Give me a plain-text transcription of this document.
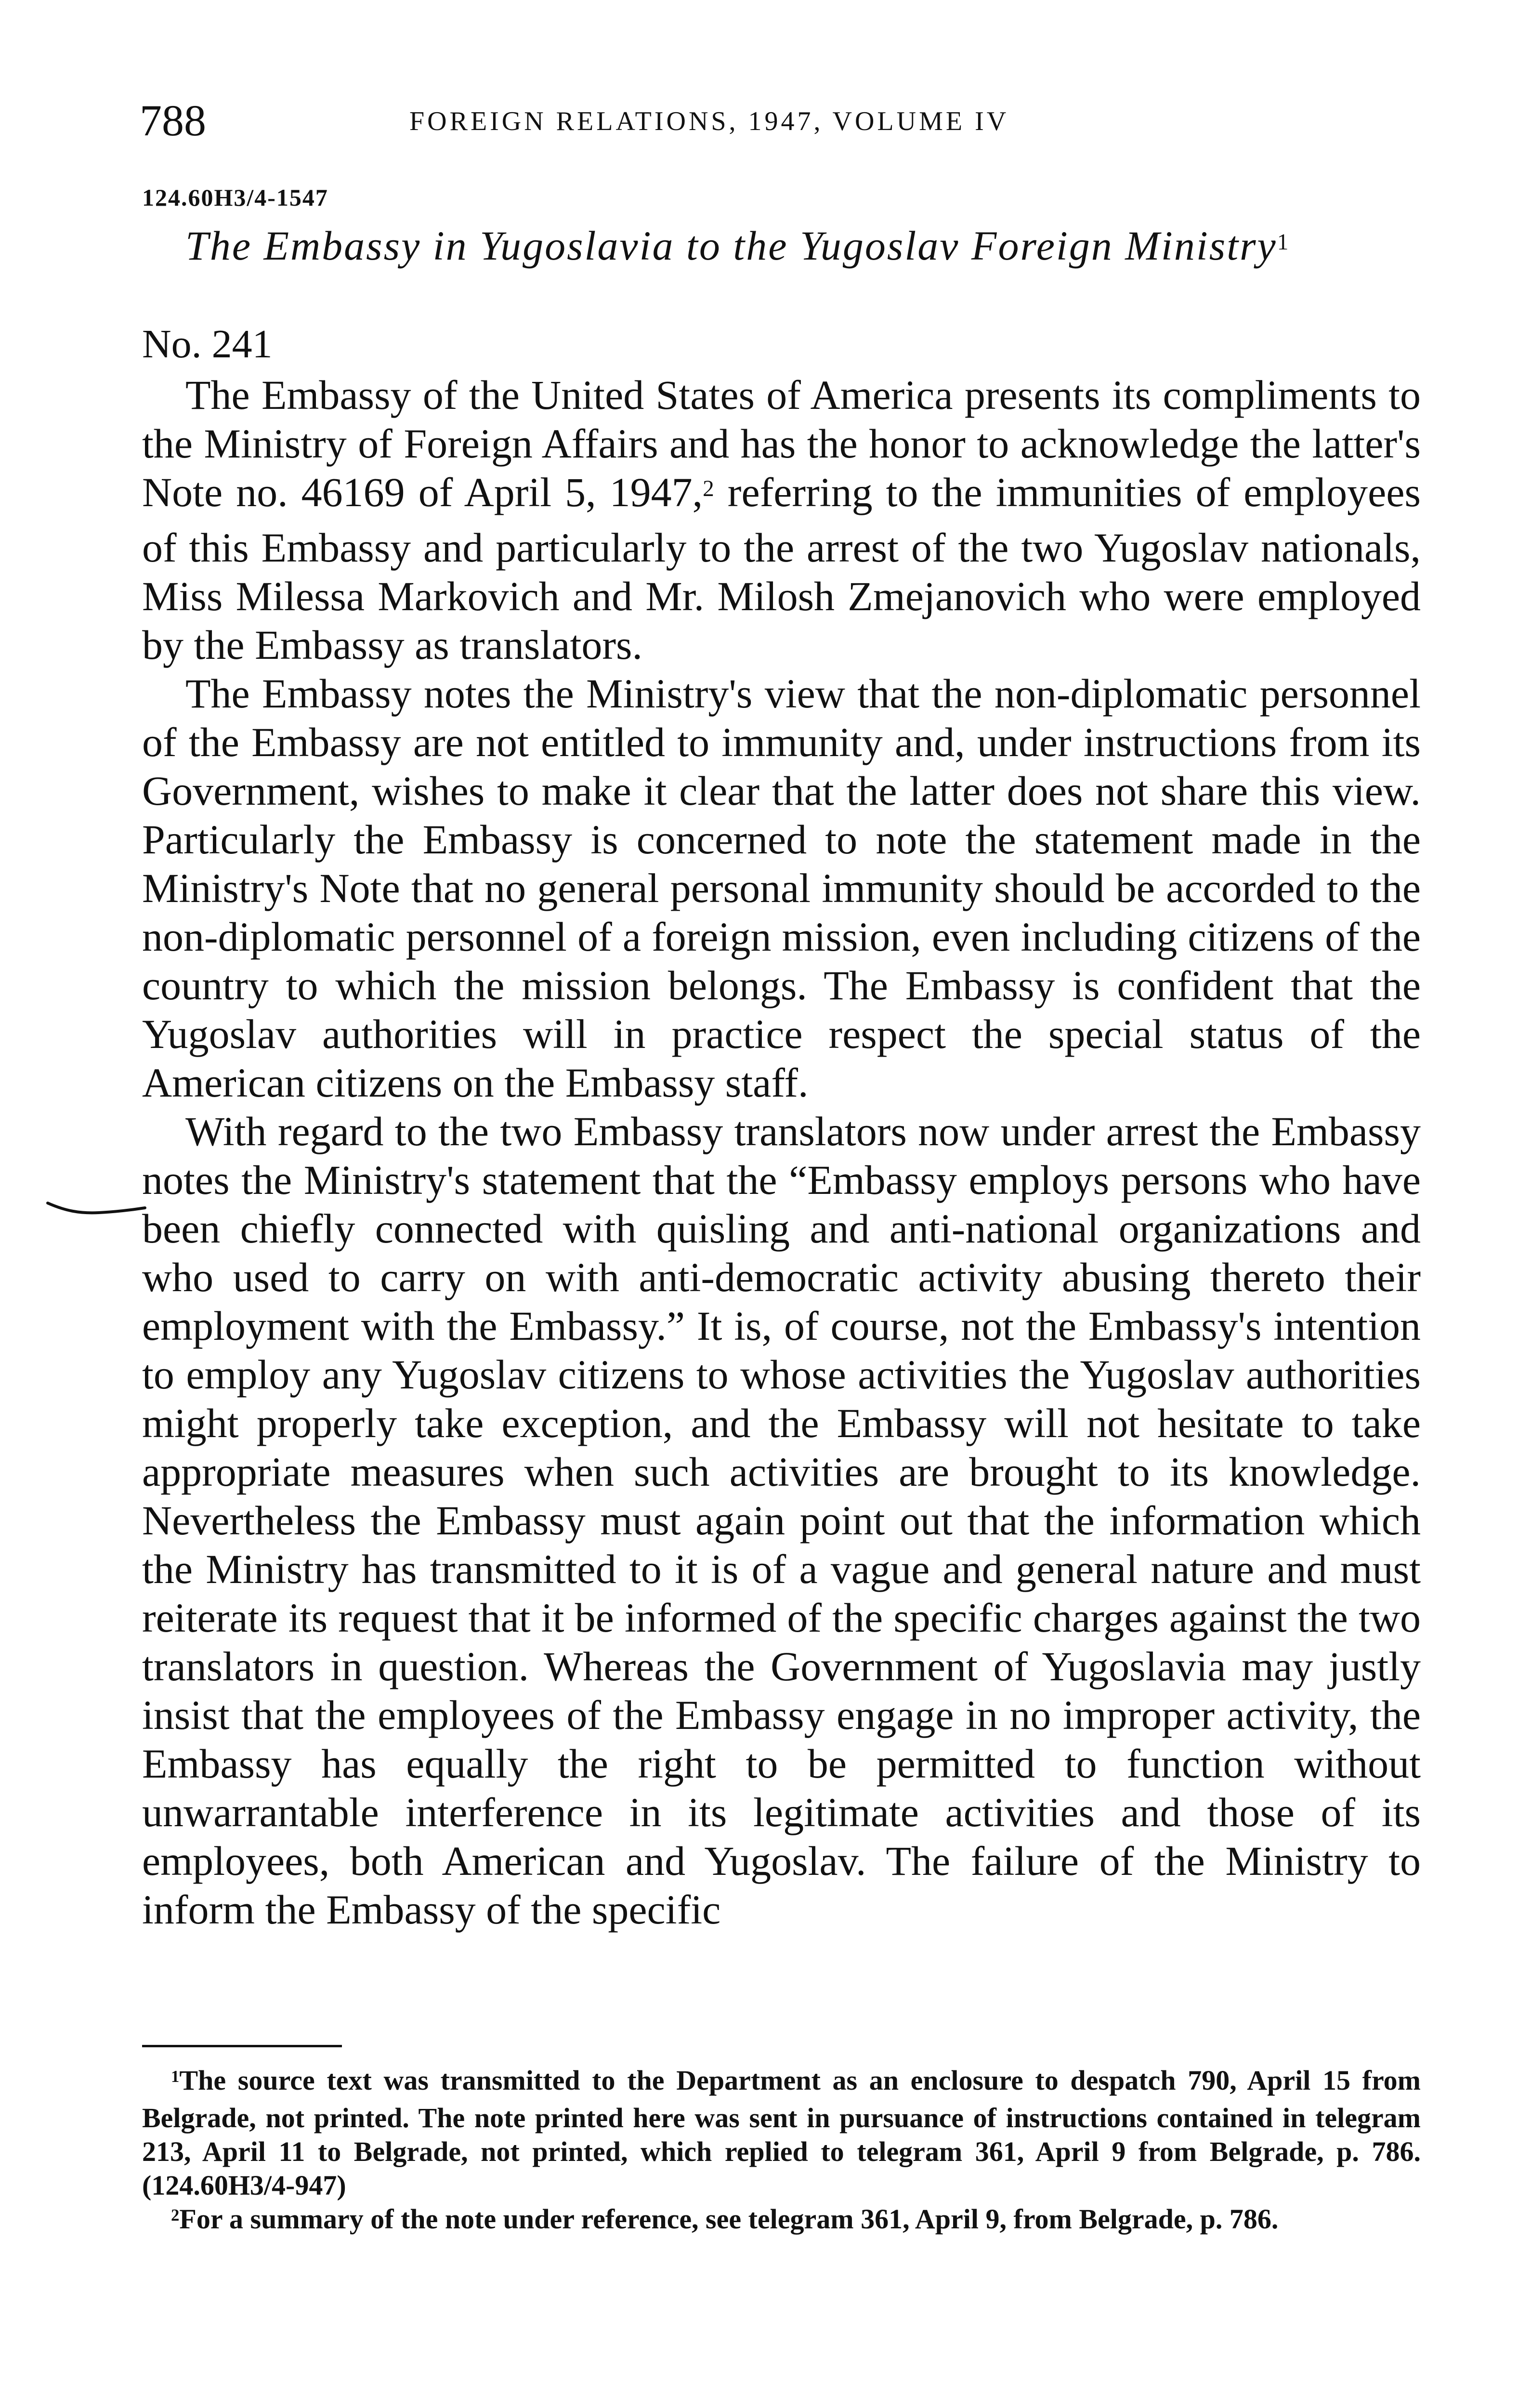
788	FOREIGN RELATIONS, 1947, VOLUME IV
124.60H3/4-1547
The Embassy in Yugoslavia to the Yugoslav Foreign Ministry$^1$
No. 241

The Embassy of the United States of America presents its compliments to the Ministry of Foreign Affairs and has the honor to acknowledge the latter's Note no. 46169 of April 5, 1947,$^2$ referring to the immunities of employees of this Embassy and particularly to the arrest of the two Yugoslav nationals, Miss Milessa Markovich and Mr. Milosh Zmejanovich who were employed by the Embassy as translators.

The Embassy notes the Ministry's view that the non-diplomatic personnel of the Embassy are not entitled to immunity and, under instructions from its Government, wishes to make it clear that the latter does not share this view. Particularly the Embassy is concerned to note the statement made in the Ministry's Note that no general personal immunity should be accorded to the non-diplomatic personnel of a foreign mission, even including citizens of the country to which the mission belongs. The Embassy is confident that the Yugoslav authorities will in practice respect the special status of the American citizens on the Embassy staff.

With regard to the two Embassy translators now under arrest the Embassy notes the Ministry's statement that the “Embassy employs persons who have been chiefly connected with quisling and anti-national organizations and who used to carry on with anti-democratic activity abusing thereto their employment with the Embassy.” It is, of course, not the Embassy's intention to employ any Yugoslav citizens to whose activities the Yugoslav authorities might properly take exception, and the Embassy will not hesitate to take appropriate measures when such activities are brought to its knowledge. Nevertheless the Embassy must again point out that the information which the Ministry has transmitted to it is of a vague and general nature and must reiterate its request that it be informed of the specific charges against the two translators in question. Whereas the Government of Yugoslavia may justly insist that the employees of the Embassy engage in no improper activity, the Embassy has equally the right to be permitted to function without unwarrantable interference in its legitimate activities and those of its employees, both American and Yugoslav. The failure of the Ministry to inform the Embassy of the specific

$^1$The source text was transmitted to the Department as an enclosure to despatch 790, April 15 from Belgrade, not printed. The note printed here was sent in pursuance of instructions contained in telegram 213, April 11 to Belgrade, not printed, which replied to telegram 361, April 9 from Belgrade, p. 786. (124.60H3/4-947)

$^2$For a summary of the note under reference, see telegram 361, April 9, from Belgrade, p. 786.
